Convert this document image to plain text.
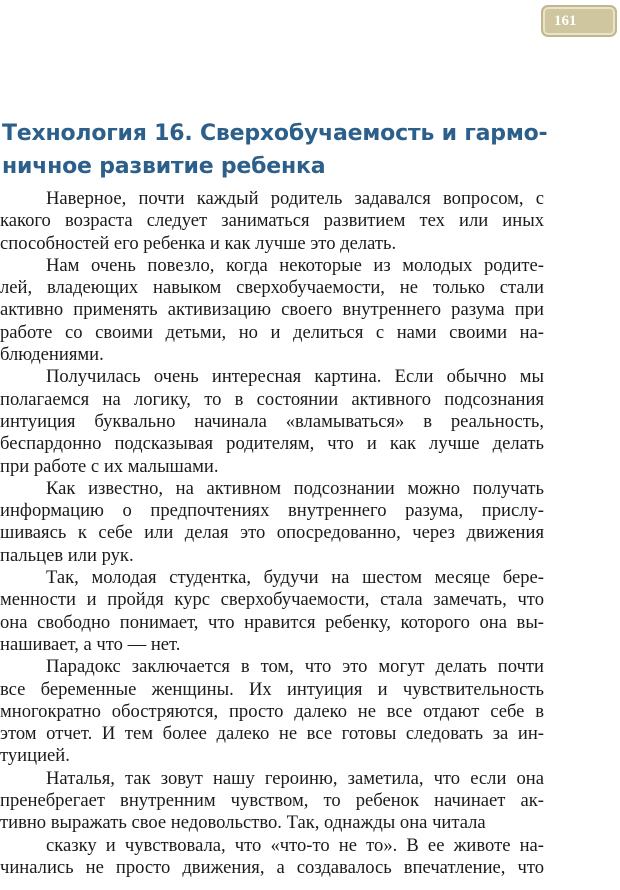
161
Технология 16. Сверхобучаемость и гармо-
ничное развитие ребенка
Наверное, почти каждый родитель задавался вопросом, с
какого возраста следует заниматься развитием тех или иных
способностей его ребенка и как лучше это делать.
Нам очень повезло, когда некоторые из молодых родите-
лей, владеющих навыком сверхобучаемости, не только стали
активно применять активизацию своего внутреннего разума при
работе со своими детьми, но и делиться с нами своими на-
блюдениями.
Получилась очень интересная картина. Если обычно мы
полагаемся на логику, то в состоянии активного подсознания
интуиция буквально начинала «вламываться» в реальность,
беспардонно подсказывая родителям, что и как лучше делать
при работе с их малышами.
Как известно, на активном подсознании можно получать
информацию о предпочтениях внутреннего разума, прислу-
шиваясь к себе или делая это опосредованно, через движения
пальцев или рук.
Так, молодая студентка, будучи на шестом месяце бере-
менности и пройдя курс сверхобучаемости, стала замечать, что
она свободно понимает, что нравится ребенку, которого она вы-
нашивает, а что — нет.
Парадокс заключается в том, что это могут делать почти
все беременные женщины. Их интуиция и чувствительность
многократно обостряются, просто далеко не все отдают себе в
этом отчет. И тем более далеко не все готовы следовать за ин-
туицией.
Наталья, так зовут нашу героиню, заметила, что если она
пренебрегает внутренним чувством, то ребенок начинает ак-
тивно выражать свое недовольство. Так, однажды она читала
сказку и чувствовала, что «что-то не то». В ее животе на-
чинались не просто движения, а создавалось впечатление, что
